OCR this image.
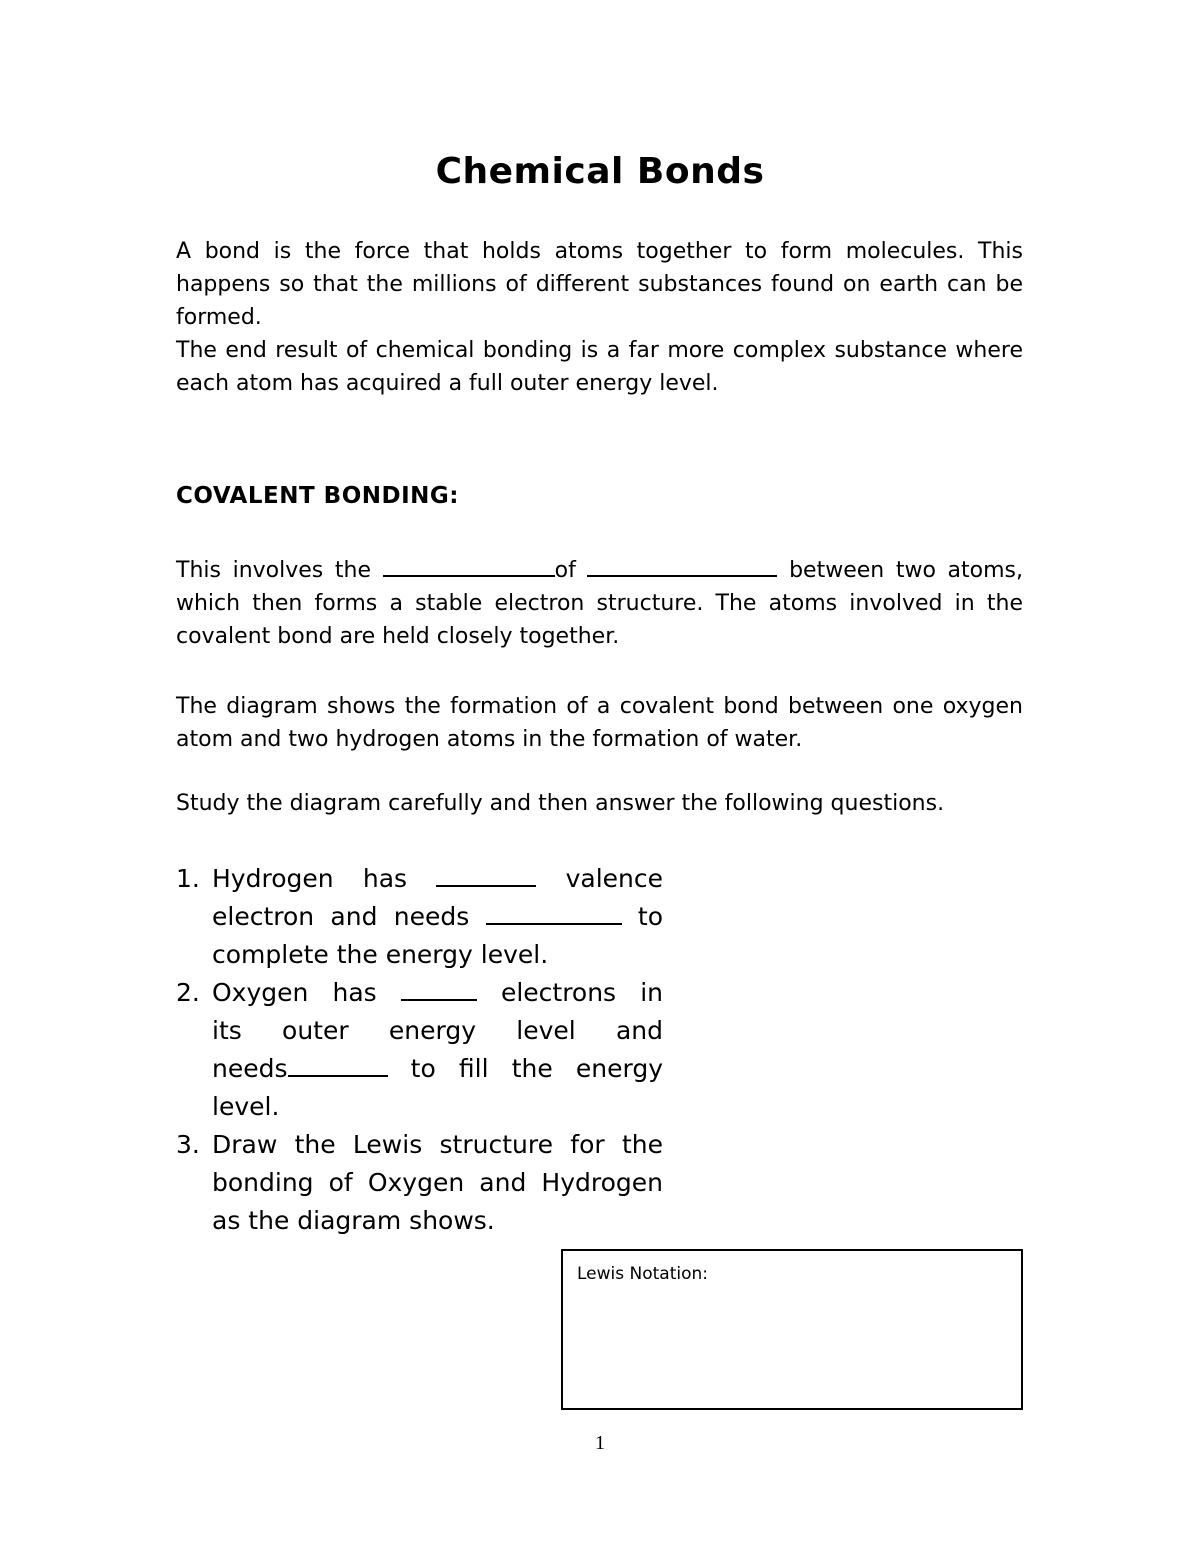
Chemical Bonds
A bond is the force that holds atoms together to form molecules. This
happens so that the millions of different substances found on earth can be
formed.
The end result of chemical bonding is a far more complex substance where
each atom has acquired a full outer energy level.
COVALENT BONDING:
This involves the	of	between two atoms,
which then forms a stable electron structure. The atoms involved in the
covalent bond are held closely together.
The diagram shows the formation of a covalent bond between one oxygen
atom and two hydrogen atoms in the formation of water.
Study the diagram carefully and then answer the following questions.
1. Hydrogen has	valence
electron and needs	to
complete the energy level.
2. Oxygen has	electrons in
its outer energy level and
needs	to fill the energy
level.
3. Draw the Lewis structure for the
bonding of Oxygen and Hydrogen
as the diagram shows.
Lewis Notation:
1
